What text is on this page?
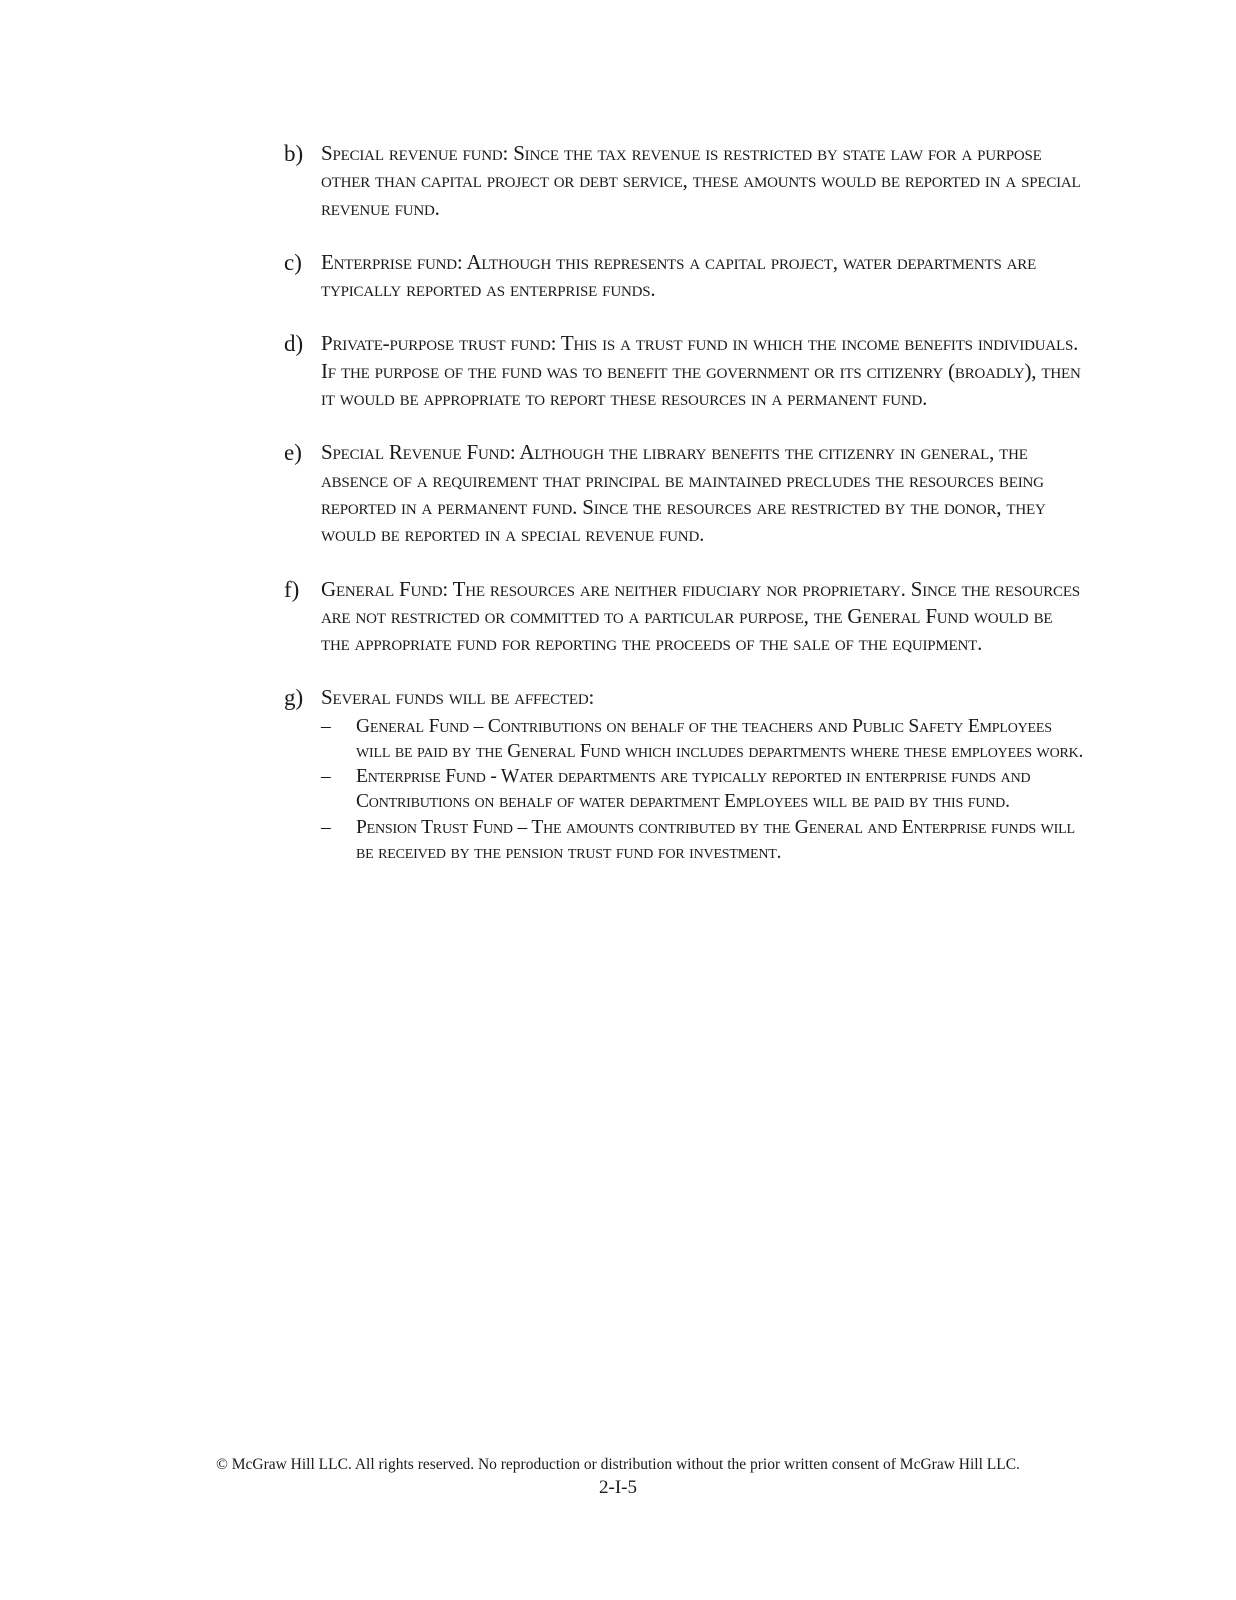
b) Special revenue fund: Since the tax revenue is restricted by state law for a purpose other than capital project or debt service, these amounts would be reported in a special revenue fund.
c) Enterprise fund: Although this represents a capital project, water departments are typically reported as enterprise funds.
d) Private-purpose trust fund: This is a trust fund in which the income benefits individuals. If the purpose of the fund was to benefit the government or its citizenry (broadly), then it would be appropriate to report these resources in a permanent fund.
e) Special Revenue Fund: Although the library benefits the citizenry in general, the absence of a requirement that principal be maintained precludes the resources being reported in a permanent fund. Since the resources are restricted by the donor, they would be reported in a special revenue fund.
f) General Fund: The resources are neither fiduciary nor proprietary. Since the resources are not restricted or committed to a particular purpose, the General Fund would be the appropriate fund for reporting the proceeds of the sale of the equipment.
g) Several funds will be affected:
– General Fund – Contributions on behalf of the teachers and Public Safety Employees will be paid by the General Fund which includes departments where these employees work.
– Enterprise Fund - Water departments are typically reported in enterprise funds and Contributions on behalf of water department Employees will be paid by this fund.
– Pension Trust Fund – The amounts contributed by the General and Enterprise funds will be received by the pension trust fund for investment.
© McGraw Hill LLC. All rights reserved. No reproduction or distribution without the prior written consent of McGraw Hill LLC.
2-I-5
